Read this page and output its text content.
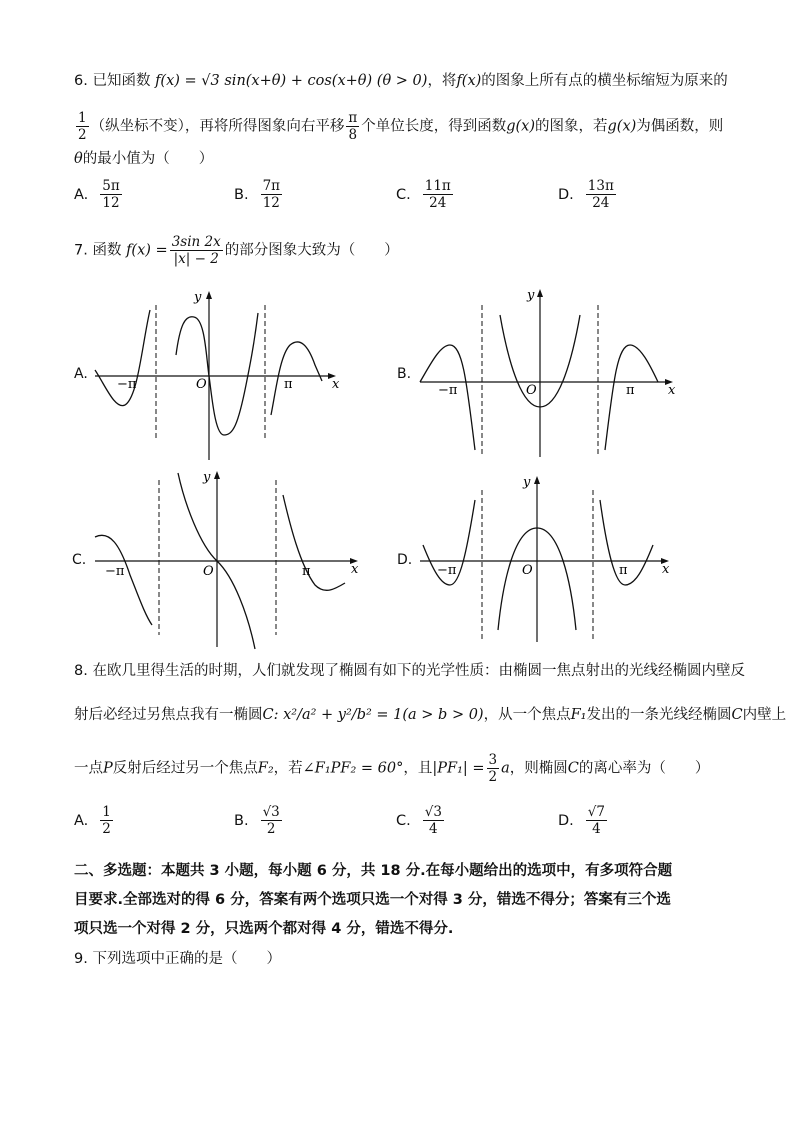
6. 已知函数 f(x) = √3 sin(x+θ) + cos(x+θ) (θ > 0)，将f(x)的图象上所有点的横坐标缩短为原来的
$\frac{1}{2}$ （纵坐标不变），再将所得图象向右平移 $\frac{\pi}{8}$ 个单位长度，得到函数g(x)的图象，若g(x)为偶函数，则
θ的最小值为（　　）
A. $\frac{5\pi}{12}$	B. $\frac{7\pi}{12}$	C. $\frac{11\pi}{24}$	D. $\frac{13\pi}{24}$
7. 函数 $f(x) = \frac{3\sin 2x}{|x| - 2}$ 的部分图象大致为（　　）
A.
y
x
O
−π	π
B.
y
x
O
−π	π
C.
y
x
O
−π	π
D.
y
x
O
−π	π
8. 在欧几里得生活的时期，人们就发现了椭圆有如下的光学性质：由椭圆一焦点射出的光线经椭圆内壁反
射后必经过另焦点我有一椭圆C: x²/a² + y²/b² = 1(a > b > 0)，从一个焦点F₁发出的一条光线经椭圆C内壁上
一点P反射后经过另一个焦点F₂，若∠F₁PF₂ = 60°，且$|PF_1| = \frac{3}{2}$ a，则椭圆C的离心率为（　　）
A. $\frac{1}{2}$	B. $\frac{√3}{2}$	C. $\frac{√3}{4}$	D. $\frac{√7}{4}$
二、多选题：本题共 3 小题，每小题 6 分，共 18 分.在每小题给出的选项中，有多项符合题
目要求.全部选对的得 6 分，答案有两个选项只选一个对得 3 分，错选不得分；答案有三个选
项只选一个对得 2 分，只选两个都对得 4 分，错选不得分.
9. 下列选项中正确的是（　　）
